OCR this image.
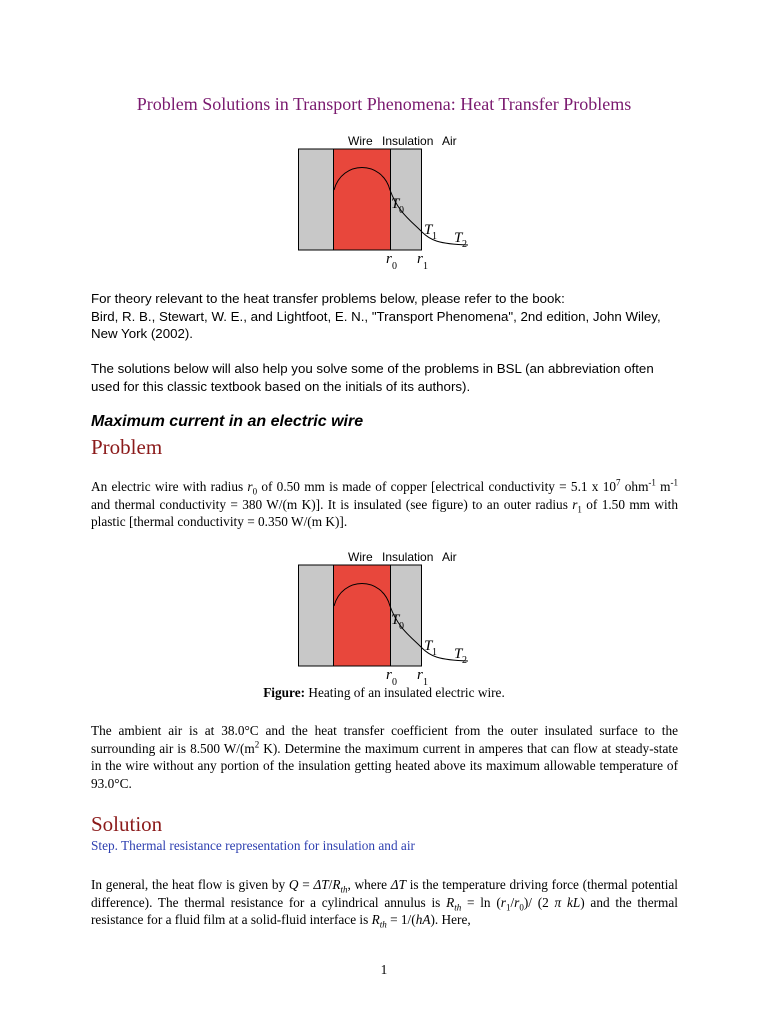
Problem Solutions in Transport Phenomena: Heat Transfer Problems
Wire Insulation Air
T 0
T 1 T 2
r 0 r 1
For theory relevant to the heat transfer problems below, please refer to the book:
Bird, R. B., Stewart, W. E., and Lightfoot, E. N., "Transport Phenomena", 2nd edition, John Wiley, New York (2002).
The solutions below will also help you solve some of the problems in BSL (an abbreviation often used for this classic textbook based on the initials of its authors).
Maximum current in an electric wire
Problem
An electric wire with radius $r_0$ of 0.50 mm is made of copper [electrical conductivity = 5.1 x $10^7$ ohm$^{-1}$ $m^{-1}$ and thermal conductivity = 380 W/(m K)]. It is insulated (see figure) to an outer radius $r_1$ of 1.50 mm with plastic [thermal conductivity = 0.350 W/(m K)].
Wire Insulation Air
T 0
T 1 T 2
r 0 r 1
Figure: Heating of an insulated electric wire.
The ambient air is at 38.0°C and the heat transfer coefficient from the outer insulated surface to the surrounding air is 8.500 $W/(m^2$ K). Determine the maximum current in amperes that can flow at steady-state in the wire without any portion of the insulation getting heated above its maximum allowable temperature of 93.0°C.
Solution
Step. Thermal resistance representation for insulation and air
In general, the heat flow is given by $Q = \Delta T/R_{th}$, where ΔT is the temperature driving force (thermal potential difference). The thermal resistance for a cylindrical annulus is $R_{th} = \ln (r_1/r_0)/$ (2 π kL) and the thermal resistance for a fluid film at a solid-fluid interface is $R_{th} = 1/(hA)$. Here,
1
